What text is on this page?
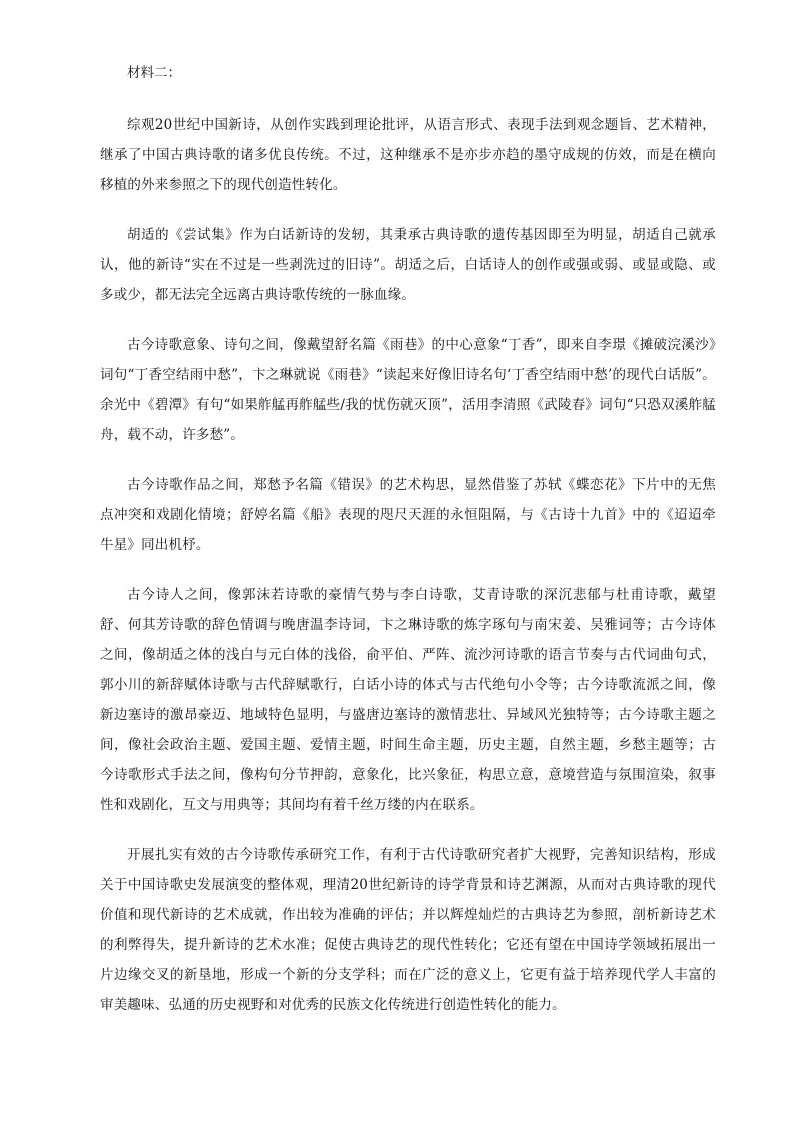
材料二：

综观20世纪中国新诗，从创作实践到理论批评，从语言形式、表现手法到观念题旨、艺术精神，继承了中国古典诗歌的诸多优良传统。不过，这种继承不是亦步亦趋的墨守成规的仿效，而是在横向移植的外来参照之下的现代创造性转化。

胡适的《尝试集》作为白话新诗的发轫，其秉承古典诗歌的遗传基因即至为明显，胡适自己就承认，他的新诗“实在不过是一些剥洗过的旧诗”。胡适之后，白话诗人的创作或强或弱、或显或隐、或多或少，都无法完全远离古典诗歌传统的一脉血缘。

古今诗歌意象、诗句之间，像戴望舒名篇《雨巷》的中心意象“丁香”，即来自李璟《摊破浣溪沙》词句“丁香空结雨中愁”，卞之琳就说《雨巷》“读起来好像旧诗名句‘丁香空结雨中愁’的现代白话版”。余光中《碧潭》有句“如果舴艋再舴艋些/我的忧伤就灭顶”，活用李清照《武陵春》词句“只恐双溪舴艋舟，载不动，许多愁”。

古今诗歌作品之间，郑愁予名篇《错误》的艺术构思，显然借鉴了苏轼《蝶恋花》下片中的无焦点冲突和戏剧化情境；舒婷名篇《船》表现的咫尺天涯的永恒阻隔，与《古诗十九首》中的《迢迢牵牛星》同出机杼。

古今诗人之间，像郭沫若诗歌的豪情气势与李白诗歌，艾青诗歌的深沉悲郁与杜甫诗歌，戴望舒、何其芳诗歌的辞色情调与晚唐温李诗词，卞之琳诗歌的炼字琢句与南宋姜、吴雅词等；古今诗体之间，像胡适之体的浅白与元白体的浅俗，俞平伯、严阵、流沙河诗歌的语言节奏与古代词曲句式，郭小川的新辞赋体诗歌与古代辞赋歌行，白话小诗的体式与古代绝句小令等；古今诗歌流派之间，像新边塞诗的激昂豪迈、地域特色显明，与盛唐边塞诗的激情悲壮、异域风光独特等；古今诗歌主题之间，像社会政治主题、爱国主题、爱情主题，时间生命主题，历史主题，自然主题，乡愁主题等；古今诗歌形式手法之间，像构句分节押韵，意象化，比兴象征，构思立意，意境营造与氛围渲染，叙事性和戏剧化，互文与用典等；其间均有着千丝万缕的内在联系。

开展扎实有效的古今诗歌传承研究工作，有利于古代诗歌研究者扩大视野，完善知识结构，形成关于中国诗歌史发展演变的整体观，理清20世纪新诗的诗学背景和诗艺渊源，从而对古典诗歌的现代价值和现代新诗的艺术成就，作出较为准确的评估；并以辉煌灿烂的古典诗艺为参照，剖析新诗艺术的利弊得失，提升新诗的艺术水准；促使古典诗艺的现代性转化；它还有望在中国诗学领域拓展出一片边缘交叉的新垦地，形成一个新的分支学科；而在广泛的意义上，它更有益于培养现代学人丰富的审美趣味、弘通的历史视野和对优秀的民族文化传统进行创造性转化的能力。
